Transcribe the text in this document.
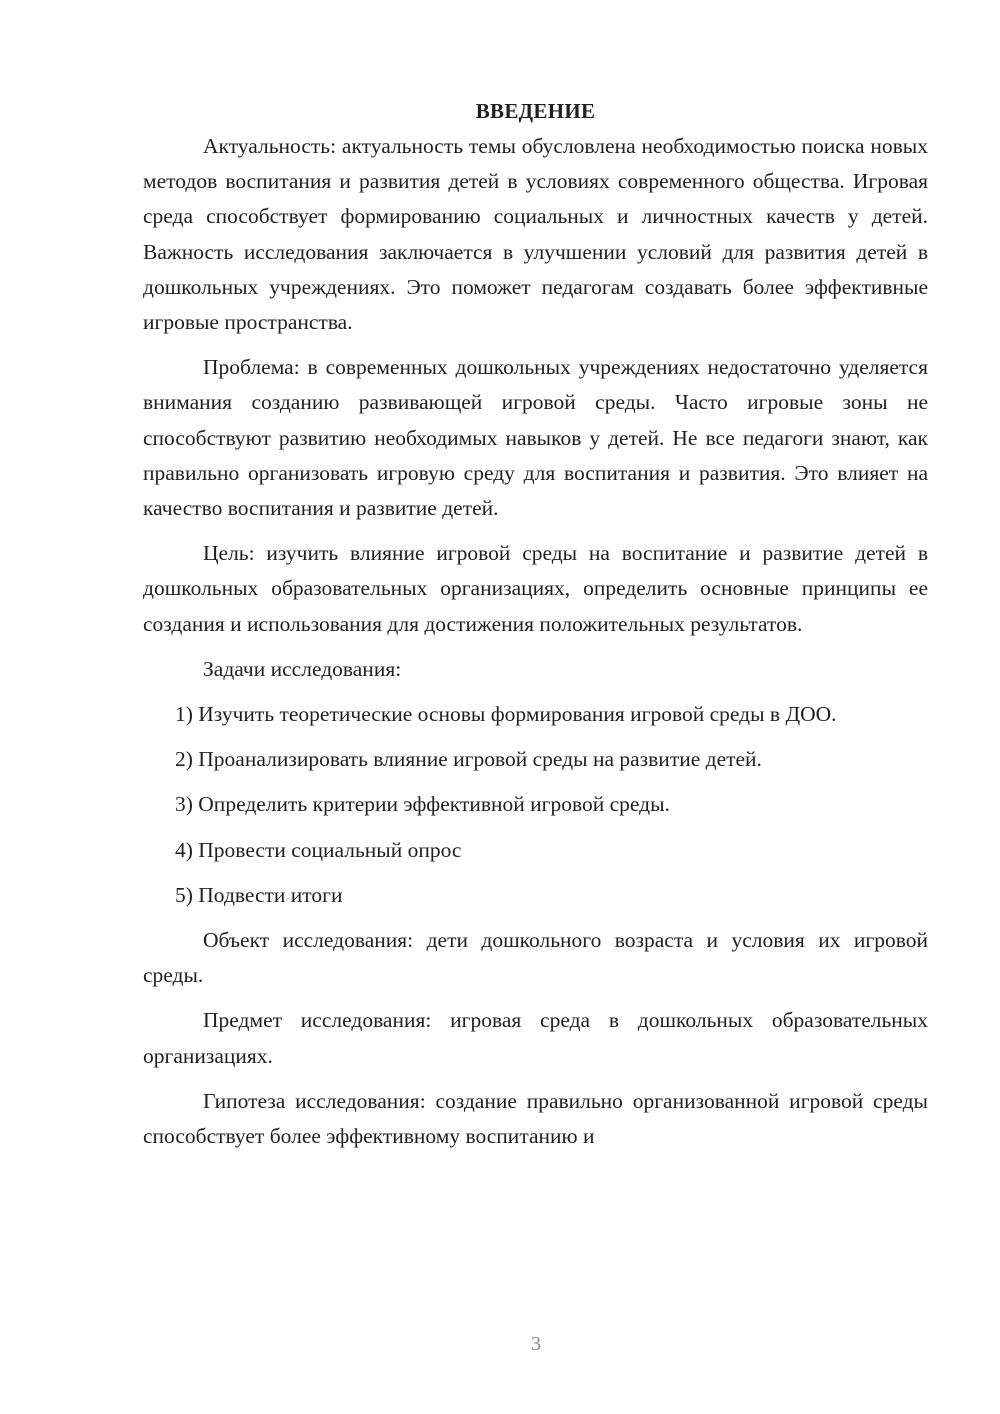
ВВЕДЕНИЕ

Актуальность: актуальность темы обусловлена необходимостью поиска новых методов воспитания и развития детей в условиях современного общества. Игровая среда способствует формированию социальных и личностных качеств у детей. Важность исследования заключается в улучшении условий для развития детей в дошкольных учреждениях. Это поможет педагогам создавать более эффективные игровые пространства.

Проблема: в современных дошкольных учреждениях недостаточно уделяется внимания созданию развивающей игровой среды. Часто игровые зоны не способствуют развитию необходимых навыков у детей. Не все педагоги знают, как правильно организовать игровую среду для воспитания и развития. Это влияет на качество воспитания и развитие детей.

Цель: изучить влияние игровой среды на воспитание и развитие детей в дошкольных образовательных организациях, определить основные принципы ее создания и использования для достижения положительных результатов.

Задачи исследования:

1) Изучить теоретические основы формирования игровой среды в ДОО.

2) Проанализировать влияние игровой среды на развитие детей.

3) Определить критерии эффективной игровой среды.

4) Провести социальный опрос

5) Подвести итоги

Объект исследования: дети дошкольного возраста и условия их игровой среды.

Предмет исследования: игровая среда в дошкольных образовательных организациях.

Гипотеза исследования: создание правильно организованной игровой среды способствует более эффективному воспитанию и

3
